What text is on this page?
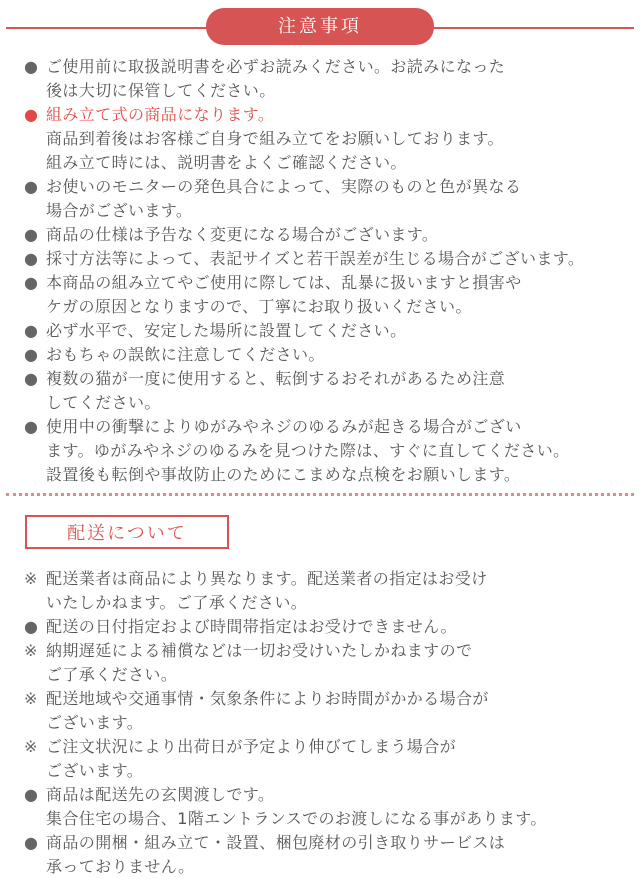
注意事項
● ご使用前に取扱説明書を必ずお読みください。お読みになった
後は大切に保管してください。
● 組み立て式の商品になります。
商品到着後はお客様ご自身で組み立てをお願いしております。
組み立て時には、説明書をよくご確認ください。
● お使いのモニターの発色具合によって、実際のものと色が異なる
場合がございます。
● 商品の仕様は予告なく変更になる場合がございます。
● 採寸方法等によって、表記サイズと若干誤差が生じる場合がございます。
● 本商品の組み立てやご使用に際しては、乱暴に扱いますと損害や
ケガの原因となりますので、丁寧にお取り扱いください。
● 必ず水平で、安定した場所に設置してください。
● おもちゃの誤飲に注意してください。
● 複数の猫が一度に使用すると、転倒するおそれがあるため注意
してください。
● 使用中の衝撃によりゆがみやネジのゆるみが起きる場合がござい
ます。ゆがみやネジのゆるみを見つけた際は、すぐに直してください。
設置後も転倒や事故防止のためにこまめな点検をお願いします。
配送について
※ 配送業者は商品により異なります。配送業者の指定はお受け
いたしかねます。ご了承ください。
● 配送の日付指定および時間帯指定はお受けできません。
※ 納期遅延による補償などは一切お受けいたしかねますので
ご了承ください。
※ 配送地域や交通事情・気象条件によりお時間がかかる場合が
ございます。
※ ご注文状況により出荷日が予定より伸びてしまう場合が
ございます。
● 商品は配送先の玄関渡しです。
集合住宅の場合、1階エントランスでのお渡しになる事があります。
● 商品の開梱・組み立て・設置、梱包廃材の引き取りサービスは
承っておりません。
